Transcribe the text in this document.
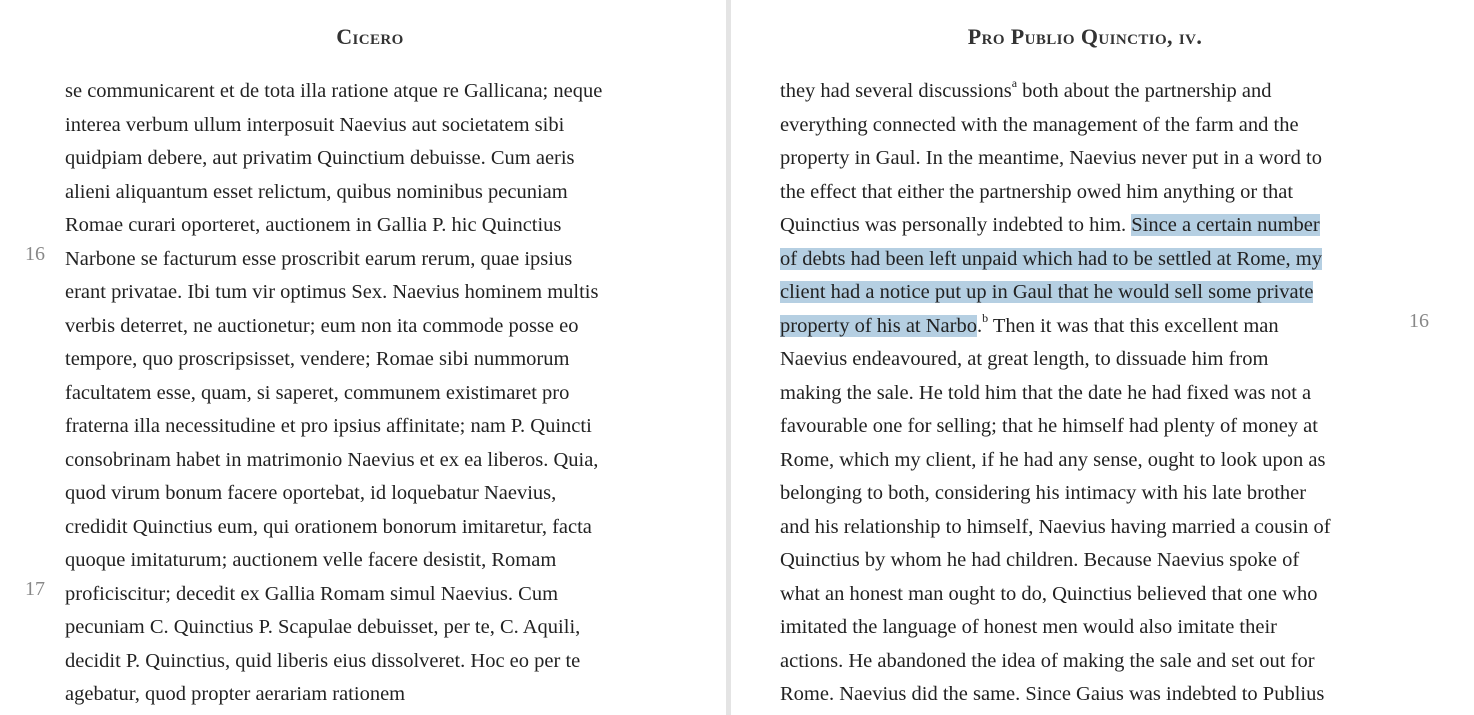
Cicero
16
17
se communicarent et de tota illa ratione atque re Gallicana; neque
interea verbum ullum interposuit Naevius aut societatem sibi
quidpiam debere, aut privatim Quinctium debuisse. Cum aeris
alieni aliquantum esset relictum, quibus nominibus pecuniam
Romae curari oporteret, auctionem in Gallia P. hic Quinctius
Narbone se facturum esse proscribit earum rerum, quae ipsius
erant privatae. Ibi tum vir optimus Sex. Naevius hominem multis
verbis deterret, ne auctionetur; eum non ita commode posse eo
tempore, quo proscripsisset, vendere; Romae sibi nummorum
facultatem esse, quam, si saperet, communem existimaret pro
fraterna illa necessitudine et pro ipsius affinitate; nam P. Quincti
consobrinam habet in matrimonio Naevius et ex ea liberos. Quia,
quod virum bonum facere oportebat, id loquebatur Naevius,
credidit Quinctius eum, qui orationem bonorum imitaretur, facta
quoque imitaturum; auctionem velle facere desistit, Romam
proficiscitur; decedit ex Gallia Romam simul Naevius. Cum
pecuniam C. Quinctius P. Scapulae debuisset, per te, C. Aquili,
decidit P. Quinctius, quid liberis eius dissolveret. Hoc eo per te
agebatur, quod propter aerariam rationem
Pro Publio Quinctio, iv.
16
they had several discussions$^a$ both about the partnership and
everything connected with the management of the farm and the
property in Gaul. In the meantime, Naevius never put in a word to
the effect that either the partnership owed him anything or that
Quinctius was personally indebted to him. Since a certain number
of debts had been left unpaid which had to be settled at Rome, my
client had a notice put up in Gaul that he would sell some private
property of his at Narbo.$^b$ Then it was that this excellent man
Naevius endeavoured, at great length, to dissuade him from
making the sale. He told him that the date he had fixed was not a
favourable one for selling; that he himself had plenty of money at
Rome, which my client, if he had any sense, ought to look upon as
belonging to both, considering his intimacy with his late brother
and his relationship to himself, Naevius having married a cousin of
Quinctius by whom he had children. Because Naevius spoke of
what an honest man ought to do, Quinctius believed that one who
imitated the language of honest men would also imitate their
actions. He abandoned the idea of making the sale and set out for
Rome. Naevius did the same. Since Gaius was indebted to Publius
